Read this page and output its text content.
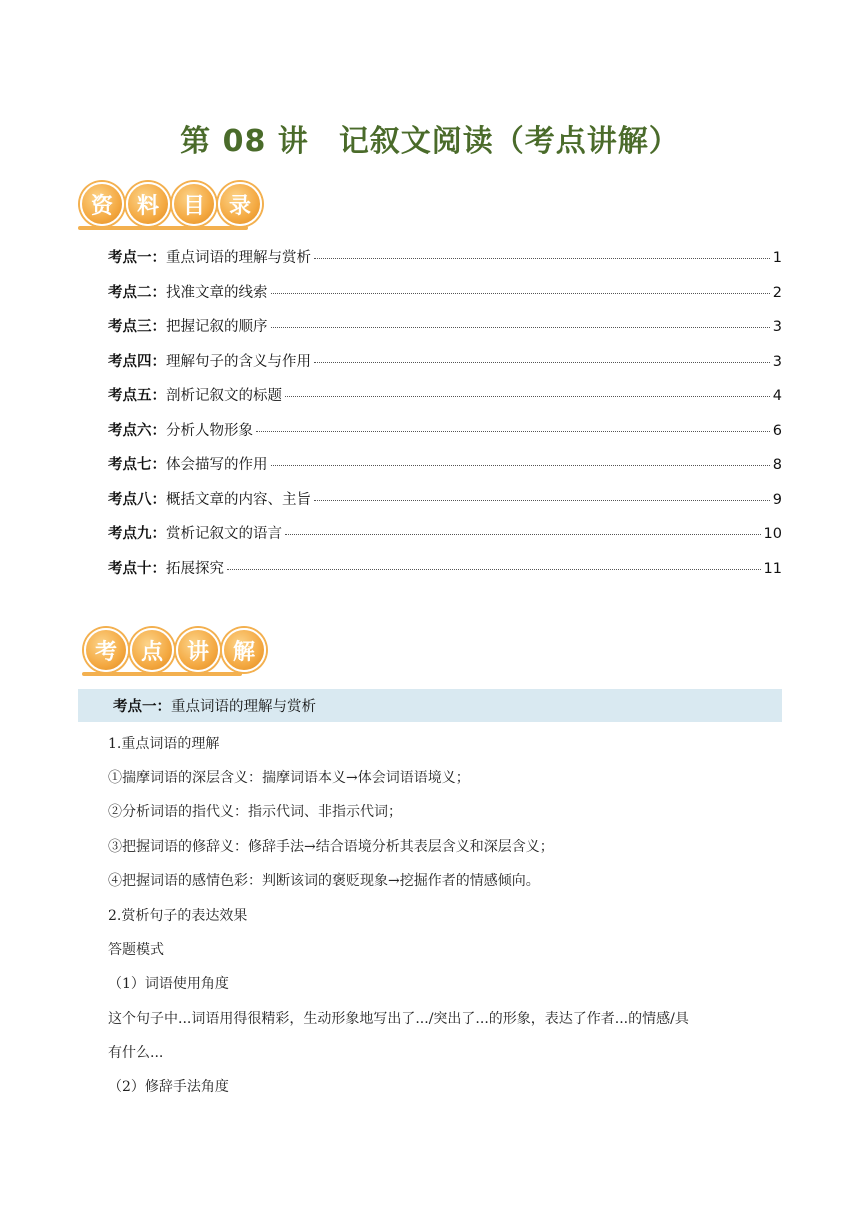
第 08 讲 记叙文阅读（考点讲解）
资	料	目	录
考点一： 重点词语的理解与赏析	1
考点二： 找准文章的线索	2
考点三： 把握记叙的顺序	3
考点四： 理解句子的含义与作用	3
考点五： 剖析记叙文的标题	4
考点六： 分析人物形象	6
考点七： 体会描写的作用	8
考点八： 概括文章的内容、主旨	9
考点九： 赏析记叙文的语言	10
考点十： 拓展探究	11
考	点	讲	解
考点一： 重点词语的理解与赏析
1.重点词语的理解
①揣摩词语的深层含义：揣摩词语本义→体会词语语境义；
②分析词语的指代义：指示代词、非指示代词；
③把握词语的修辞义：修辞手法→结合语境分析其表层含义和深层含义；
④把握词语的感情色彩：判断该词的褒贬现象→挖掘作者的情感倾向。
2.赏析句子的表达效果
答题模式
（1）词语使用角度
这个句子中...词语用得很精彩，生动形象地写出了.../突出了...的形象，表达了作者...的情感/具
有什么...
（2）修辞手法角度
